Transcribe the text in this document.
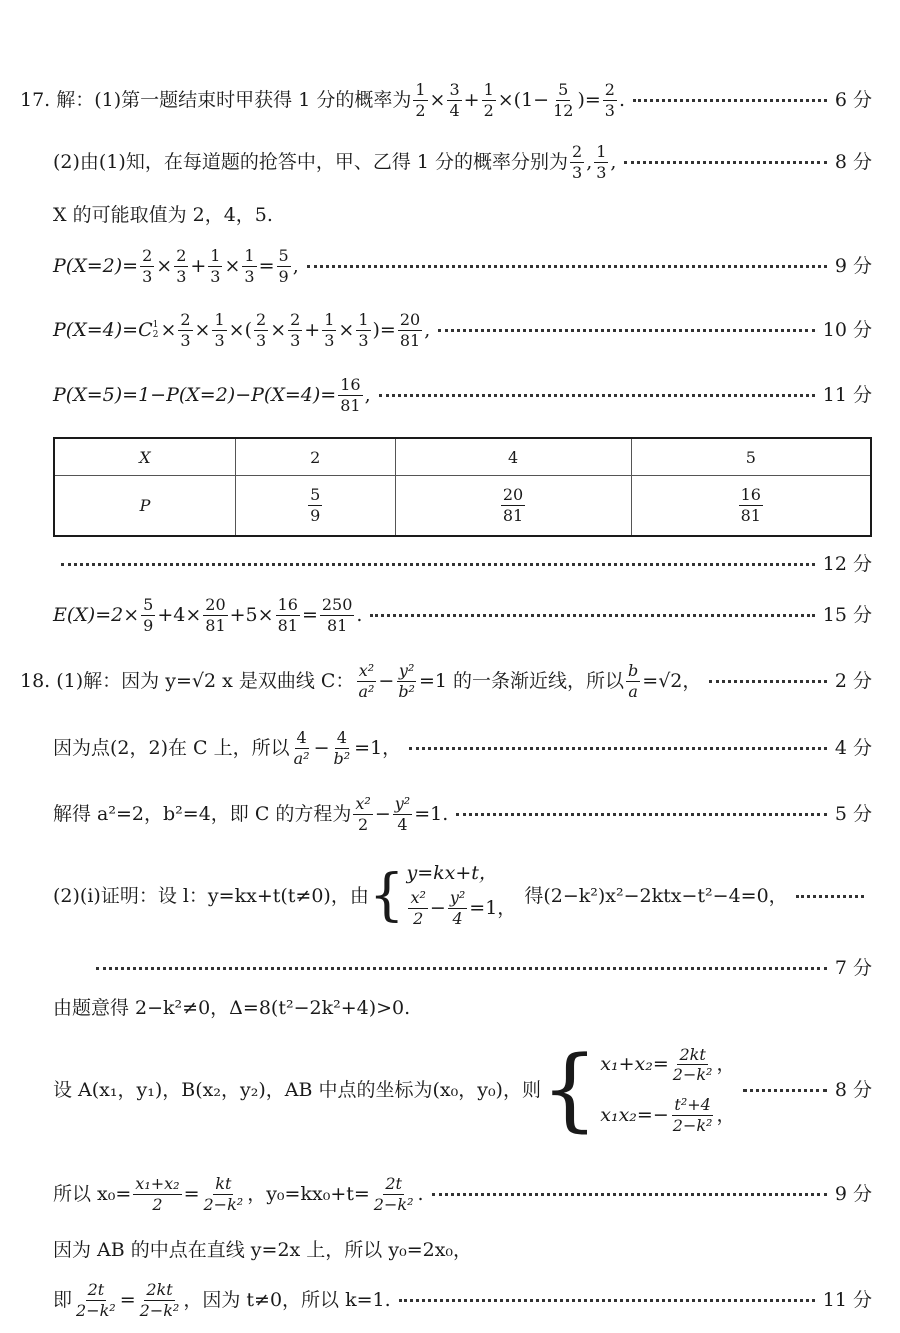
17. 解：(1)第一题结束时甲获得 1 分的概率为 $\frac{1}{2} \times \frac{3}{4} + \frac{1}{2} \times(1- \frac{5}{12}$ )= $\frac{2}{3}$ .	6 分
(2)由(1)知，在每道题的抢答中，甲、乙得 1 分的概率分别为 $\frac{2}{3}$ , $\frac{1}{3}$ ,	8 分
X 的可能取值为 2，4，5.
$P(X=2)= \frac{2}{3} \times \frac{2}{3} + \frac{1}{3} \times \frac{1}{3} = \frac{5}{9}$ ,	9 分
P(X=4)=C 1
$2 \times \frac{2}{3} \times \frac{1}{3}$ ×( $\frac{2}{3} \times \frac{2}{3} + \frac{1}{3} \times \frac{1}{3}$ )= $\frac{20}{81}$ ,	10 分
$P(X=5)=1-P(X=2)-P(X=4)= \frac{16}{81}$ ,	11 分
X	2	4	5
P	$\frac{5}{9}$	$\frac{20}{81}$	$\frac{16}{81}$
12 分
$E(X)=2\times \frac{5}{9} +4\times \frac{20}{81} +5\times \frac{16}{81} = \frac{250}{81}$ .	15 分
18. (1)解：因为 y=√2 x 是双曲线 C： $\frac{\text{x²}}{\text{a²}} - \frac{\text{y²}}{\text{b²}} =1$ 的一条渐近线，所以 $\frac{b}{a} =√2$，	2 分
因为点(2，2)在 C 上，所以 $\frac{4}{\text{a²}} - \frac{4}{\text{b²}} =1$，	4 分
解得 a²=2，b²=4，即 C 的方程为 $\frac{\text{x²}}{2} - \frac{\text{y²}}{4} =1$.	5 分
(2)(i)证明：设 l：y=kx+t(t≠0)，由 { y=kx+t，
$\frac{\text{x²}}{2} - \frac{\text{y²}}{4} =1$，
得(2−k²)x²−2ktx−t²−4=0，
7 分
由题意得 2−k²≠0，Δ=8(t²−2k²+4)>0.
设 A(x₁，y₁)，B(x₂，y₂)，AB 中点的坐标为(x₀，y₀)，则 { $x_1+x_2= \frac{2kt}{\text{2−k²}}$ ，
$x_1x_2=- \frac{\text{t²+4}}{\text{2−k²}}$ ，
8 分
所以 $x_0= \frac{\text{x₁+x₂}}{2} = \frac{kt}{\text{2−k²}}$ ，$y_0=kx_0+t= \frac{2t}{\text{2−k²}}$ .	9 分
因为 AB 的中点在直线 y=2x 上，所以 y₀=2x₀，
即 $\frac{2t}{\text{2−k²}} = \frac{2kt}{\text{2−k²}}$ ，因为 t≠0，所以 k=1.	11 分
